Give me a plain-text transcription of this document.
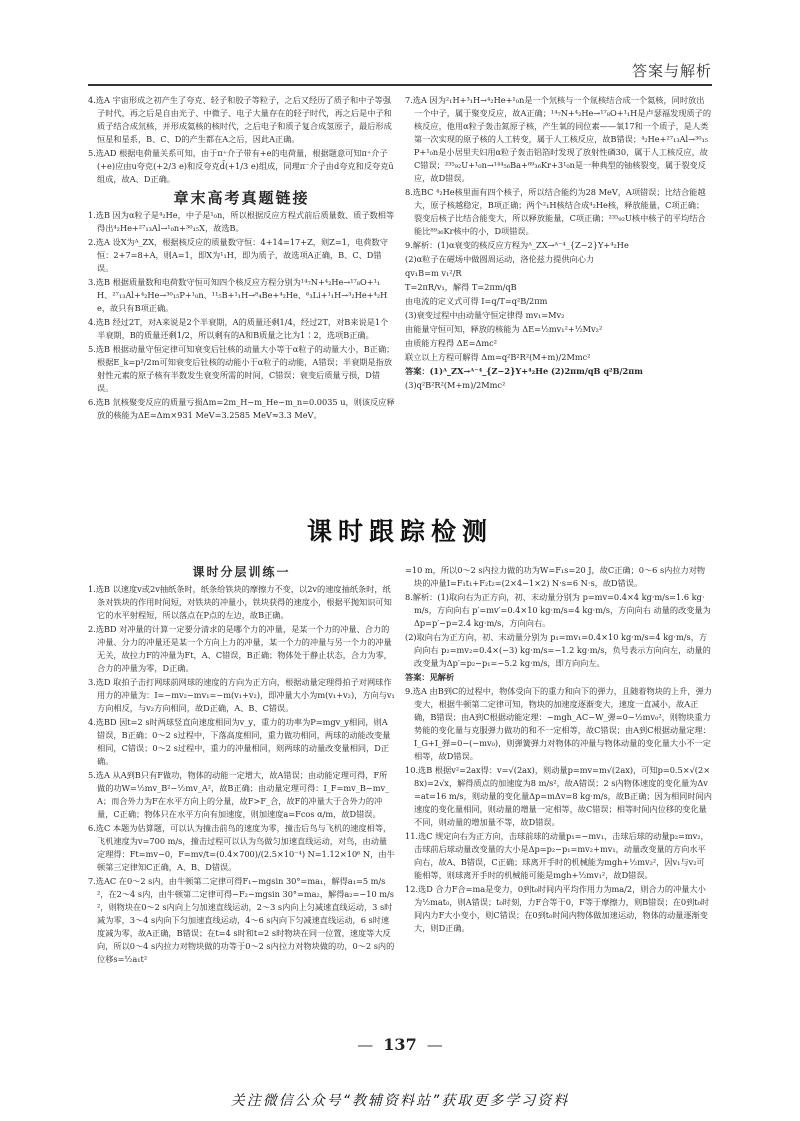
答案与解析

4.选A 宇宙形成之初产生了夸克、轻子和胶子等粒子，之后又经历了质子和中子等强子时代，再之后是自由光子、中微子、电子大量存在的轻子时代，再之后是中子和质子结合成氘核，并形成氦核的核时代，之后电子和质子复合成氢原子，最后形成恒星和星系，B、C、D的产生都在A之后，因此A正确。

5.选AD 根据电荷量关系可知，由于π⁺介子带有+e的电荷量，根据题意可知π⁺介子(+e)应由u夸克(+2/3 e)和反夸克d̄(+1/3 e)组成，同理π⁻介子由d夸克和反夸克ū组成，故A、D正确。

章末高考真题链接

1.选B 因为α粒子是⁴₂He，中子是¹₀n，所以根据反应方程式前后质量数、质子数相等得出⁴₂He+²⁷₁₃Al→¹₀n+³⁰₁₅X，故选B。

2.选A 设X为ᴬ_ZX，根据核反应的质量数守恒：4+14=17+Z，则Z=1，电荷数守恒：2+7=8+A，则A=1，即X为¹₁H，即为质子，故选项A正确，B、C、D错误。

3.选B 根据质量数和电荷数守恒可知四个核反应方程分别为¹⁴₇N+⁴₂He→¹⁷₈O+¹₁H、²⁷₁₃Al+⁴₂He→³⁰₁₅P+¹₀n、¹¹₅B+¹₁H→⁸₄Be+⁴₂He、⁶₃Li+¹₁H→³₂He+⁴₂He，故只有B项正确。

4.选B 经过2T，对A来说是2个半衰期，A的质量还剩1/4，经过2T，对B来说是1个半衰期，B的质量还剩1/2，所以剩有的A和B质量之比为1∶2，选项B正确。

5.选B 根据动量守恒定律可知衰变后钍核的动量大小等于α粒子的动量大小，B正确；根据E_k=p²/2m可知衰变后钍核的动能小于α粒子的动能，A错误；半衰期是指放射性元素的原子核有半数发生衰变所需的时间，C错误；衰变后质量亏损，D错误。

6.选B 氘核聚变反应的质量亏损Δm=2m_H−m_He−m_n=0.0035 u，则该反应释放的核能为ΔE=Δm×931 MeV=3.2585 MeV≈3.3 MeV。

7.选A 因为²₁H+³₁H→⁴₂He+¹₀n是一个氘核与一个氚核结合成一个氦核，同时放出一个中子，属于聚变反应，故A正确；¹⁴₇N+⁴₂He→¹⁷₈O+¹₁H是卢瑟福发现质子的核反应，他用α粒子轰击氮原子核，产生氧的同位素——氧17和一个质子，是人类第一次实现的原子核的人工转变，属于人工核反应，故B错误；⁴₂He+²⁷₁₃Al→³⁰₁₅P+¹₀n是小居里夫妇用α粒子轰击铝箔时发现了放射性磷30，属于人工核反应，故C错误；²³⁵₉₂U+¹₀n→¹⁴⁴₅₆Ba+⁸⁹₃₆Kr+3¹₀n是一种典型的铀核裂变，属于裂变反应，故D错误。

8.选BC ⁴₂He核里面有四个核子，所以结合能约为28 MeV，A项错误；比结合能越大，原子核越稳定，B项正确；两个²₁H核结合成⁴₂He核，释放能量，C项正确；裂变后核子比结合能变大，所以释放能量，C项正确；²³⁵₉₂U核中核子的平均结合能比⁸⁹₃₆Kr核中的小，D项错误。

9.解析：(1)α衰变的核反应方程为ᴬ_ZX→ᴬ⁻⁴_{Z−2}Y+⁴₂He

(2)α粒子在磁场中做圆周运动，洛伦兹力提供向心力

qv₁B=m v₁²/R

T=2πR/v₁，解得 T=2πm/qB

由电流的定义式可得 I=q/T=q²B/2πm

(3)衰变过程中由动量守恒定律得 mv₁=Mv₂

由能量守恒可知，释放的核能为 ΔE=½mv₁²+½Mv₂²

由质能方程得 ΔE=Δmc²

联立以上方程可解得 Δm=q²B²R²(M+m)/2Mmc²

答案：(1)ᴬ_ZX→ᴬ⁻⁴_{Z−2}Y+⁴₂He (2)2πm/qB q²B/2πm

(3)q²B²R²(M+m)/2Mmc²

课时跟踪检测
课时分层训练一

1.选B 以速度v或2v抽纸条时，纸条给铁块的摩擦力不变，以2v的速度抽纸条时，纸条对铁块的作用时间短，对铁块的冲量小，铁块获得的速度小，根据平抛知识可知它的水平射程短，所以落点在P点的左边，故B正确。

2.选BD 对冲量的计算一定要分清求的是哪个力的冲量，是某一个力的冲量、合力的冲量、分力的冲量还是某一个方向上力的冲量，某一个力的冲量与另一个力的冲量无关，故拉力F的冲量为Ft，A、C错误，B正确；物体处于静止状态，合力为零，合力的冲量为零，D正确。

3.选D 取拍子击打网球前网球的速度的方向为正方向，根据动量定理得拍子对网球作用力的冲量为：I=−mv₂−mv₁=−m(v₁+v₂)，即冲量大小为m(v₁+v₂)，方向与v₁方向相反，与v₂方向相同，故D正确，A、B、C错误。

4.选BD 因t=2 s时两球竖直向速度相同为v_y，重力的功率为P=mgv_y相同，则A错误，B正确；0～2 s过程中，下落高度相同，重力做功相同，两球的动能改变量相同，C错误；0～2 s过程中，重力的冲量相同，则两球的动量改变量相同，D正确。

5.选A 从A到B只有F做功，物体的动能一定增大，故A错误；由动能定理可得，F所做的功W=½mv_B²−½mv_A²，故B正确；由动量定理可得：I_F=mv_B−mv_A；而合外力为F在水平方向上的分量，故F>F_合，故F的冲量大于合外力的冲量，C正确；物体只在水平方向有加速度，则加速度a=Fcos α/m，故D错误。

6.选C 本题为估算题，可以认为撞击前鸟的速度为零，撞击后鸟与飞机的速度相等，飞机速度为v=700 m/s，撞击过程可以认为鸟做匀加速直线运动，对鸟，由动量定理得：Ft=mv−0，F=mv/t=(0.4×700)/(2.5×10⁻⁴) N=1.12×10⁶ N，由牛顿第三定律知C正确，A、B、D错误。

7.选AC 在0～2 s内，由牛顿第二定律可得F₁−mgsin 30°=ma₁，解得a₁=5 m/s²，在2～4 s内，由牛顿第二定律可得−F₂−mgsin 30°=ma₂，解得a₂=−10 m/s²，则物块在0～2 s内向上匀加速直线运动，2～3 s内向上匀减速直线运动，3 s时减为零，3～4 s内向下匀加速直线运动，4～6 s内向下匀减速直线运动，6 s时速度减为零，故A正确，B错误；在t=4 s时和t=2 s时物块在同一位置，速度等大反向，所以0～4 s内拉力对物块做的功等于0～2 s内拉力对物块做的功，0～2 s内的位移s=½a₁t²

=10 m，所以0～2 s内拉力做的功为W=F₁s=20 J，故C正确；0～6 s内拉力对物块的冲量I=F₁t₁+F₂t₂=(2×4−1×2) N·s=6 N·s，故D错误。

8.解析：(1)取向右为正方向，初、末动量分别为 p=mv=0.4×4 kg·m/s=1.6 kg·m/s，方向向右 p′=mv′=0.4×10 kg·m/s=4 kg·m/s，方向向右 动量的改变量为Δp=p′−p=2.4 kg·m/s，方向向右。

(2)取向右为正方向，初、末动量分别为 p₁=mv₁=0.4×10 kg·m/s=4 kg·m/s，方向向右 p₂=mv₂=0.4×(−3) kg·m/s=−1.2 kg·m/s，负号表示方向向左，动量的改变量为Δp′=p₂−p₁=−5.2 kg·m/s，即方向向左。

答案：见解析

9.选A 由B到C的过程中，物体受向下的重力和向下的弹力，且随着物块的上升，弹力变大，根据牛顿第二定律可知，物块的加速度逐渐变大，速度一直减小，故A正确，B错误；由A到C根据动能定理：−mgh_AC−W_弹=0−½mv₀²，则物块重力势能的变化量与克服弹力做功的和不一定相等，故C错误；由A到C根据动量定理：I_G+I_弹=0−(−mv₀)，则弹簧弹力对物体的冲量与物体动量的变化量大小不一定相等，故D错误。

10.选B 根据v²=2ax得：v=√(2ax)，则动量p=mv=m√(2ax)，可知p=0.5×√(2×8x)=2√x，解得质点的加速度为8 m/s²，故A错误；2 s内物体速度的变化量为Δv=at=16 m/s，则动量的变化量Δp=mΔv=8 kg·m/s，故B正确；因为相同时间内速度的变化量相同，则动量的增量一定相等，故C错误；相等时间内位移的变化量不同，则动量的增加量不等，故D错误。

11.选C 规定向右为正方向，击球前球的动量p₁=−mv₁，击球后球的动量p₂=mv₂，击球前后球动量改变量的大小是Δp=p₂−p₁=mv₂+mv₁，动量改变量的方向水平向右，故A、B错误，C正确；球离开手时的机械能为mgh+½mv₂²，因v₁与v₂可能相等，则球离开手时的机械能可能是mgh+½mv₁²，故D错误。

12.选D 合力F合=ma是变力，0到t₀时间内平均作用力为ma/2，则合力的冲量大小为½mat₀，则A错误；t₀时刻，力F合等于0，F等于摩擦力，则B错误；在0到t₀时间内力F大小变小，则C错误；在0到t₀时间内物体做加速运动，物体的动量逐渐变大，则D正确。

— 137 —
关注微信公众号“教辅资料站”获取更多学习资料
